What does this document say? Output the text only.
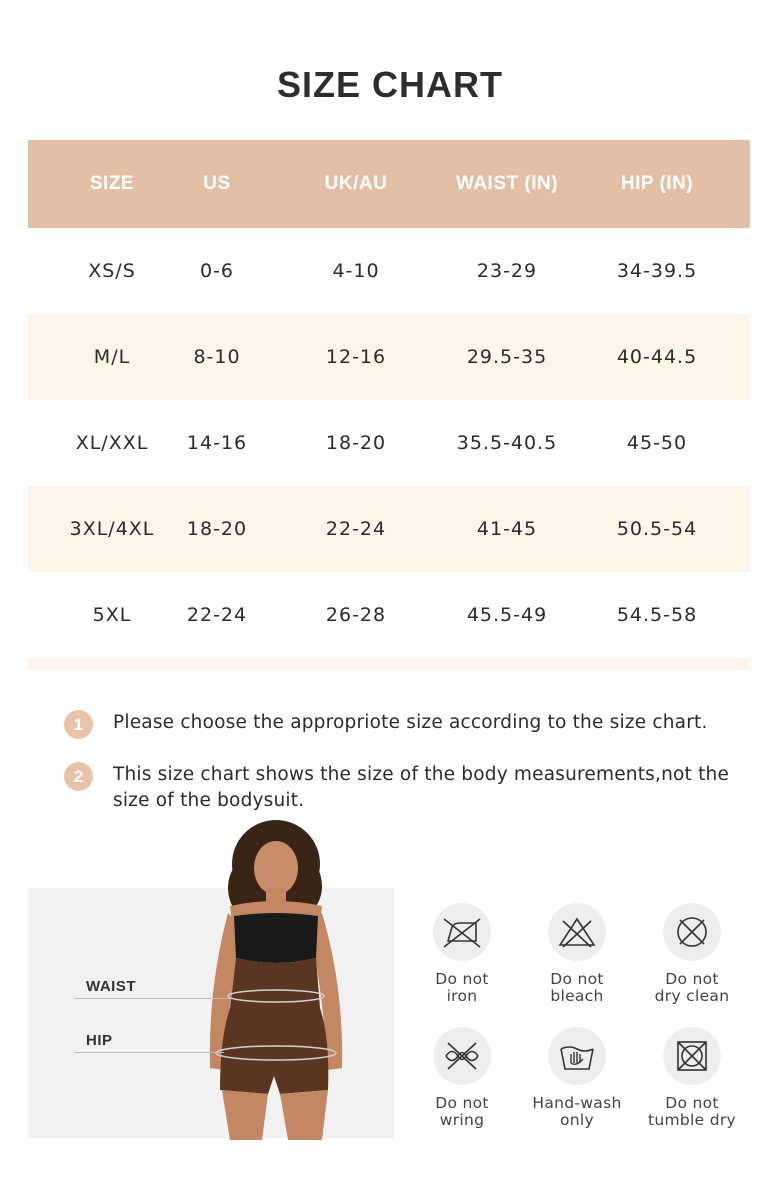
SIZE CHART
SIZE	US	UK/AU	WAIST (IN)	HIP (IN)
XS/S	0-6	4-10	23-29	34-39.5
M/L	8-10	12-16	29.5-35	40-44.5
XL/XXL	14-16	18-20	35.5-40.5	45-50
3XL/4XL	18-20	22-24	41-45	50.5-54
5XL	22-24	26-28	45.5-49	54.5-58
1	Please choose the appropriote size according to the size chart.
2	This size chart shows the size of the body measurements,not the size of the bodysuit.
WAIST
HIP
Do not
iron
Do not
bleach
Do not
dry clean
Do not
wring
Hand-wash
only
Do not
tumble dry
